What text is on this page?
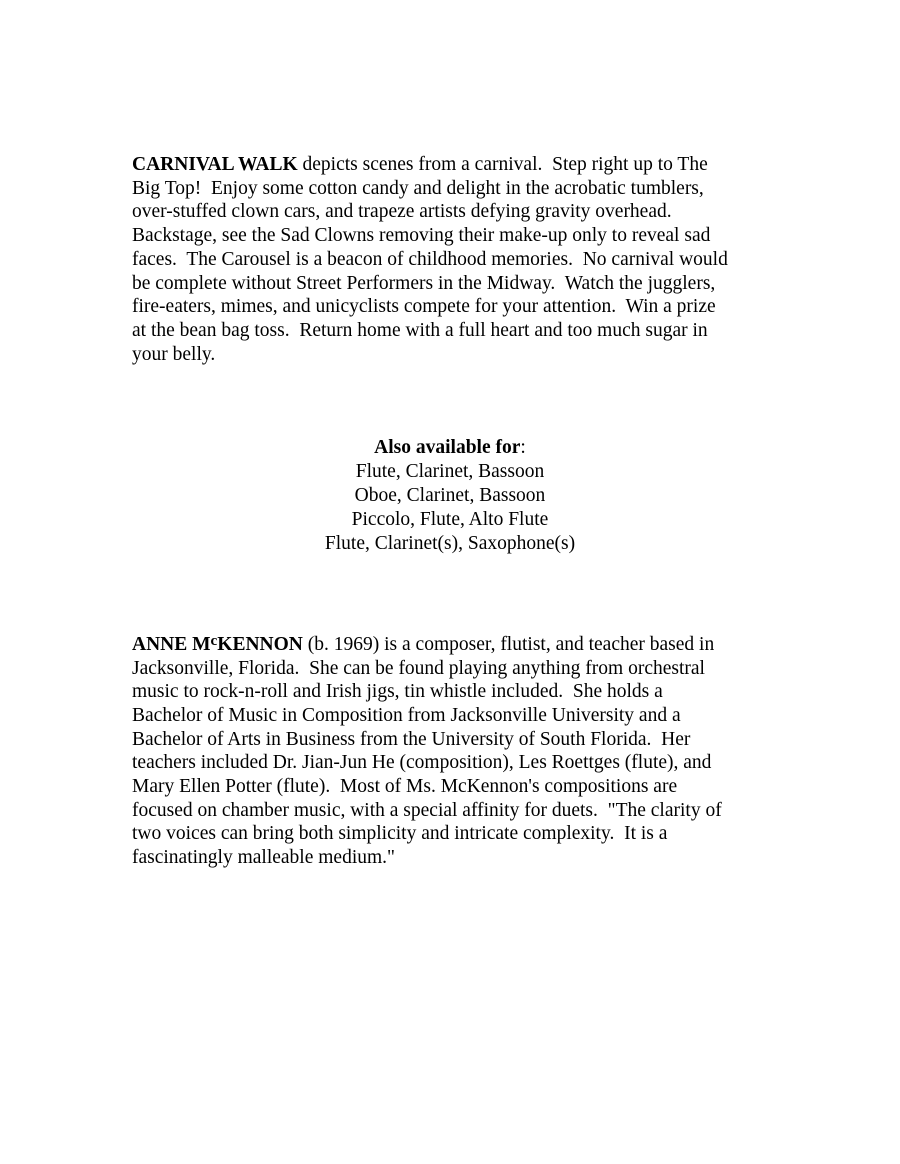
CARNIVAL WALK depicts scenes from a carnival.  Step right up to The
Big Top!  Enjoy some cotton candy and delight in the acrobatic tumblers,
over-stuffed clown cars, and trapeze artists defying gravity overhead.
Backstage, see the Sad Clowns removing their make-up only to reveal sad
faces.  The Carousel is a beacon of childhood memories.  No carnival would
be complete without Street Performers in the Midway.  Watch the jugglers,
fire-eaters, mimes, and unicyclists compete for your attention.  Win a prize
at the bean bag toss.  Return home with a full heart and too much sugar in
your belly.
Also available for:
Flute, Clarinet, Bassoon
Oboe, Clarinet, Bassoon
Piccolo, Flute, Alto Flute
Flute, Clarinet(s), Saxophone(s)
ANNE $M^cKENNON$ (b. 1969) is a composer, flutist, and teacher based in
Jacksonville, Florida.  She can be found playing anything from orchestral
music to rock-n-roll and Irish jigs, tin whistle included.  She holds a
Bachelor of Music in Composition from Jacksonville University and a
Bachelor of Arts in Business from the University of South Florida.  Her
teachers included Dr. Jian-Jun He (composition), Les Roettges (flute), and
Mary Ellen Potter (flute).  Most of Ms. McKennon's compositions are
focused on chamber music, with a special affinity for duets.  "The clarity of
two voices can bring both simplicity and intricate complexity.  It is a
fascinatingly malleable medium."
